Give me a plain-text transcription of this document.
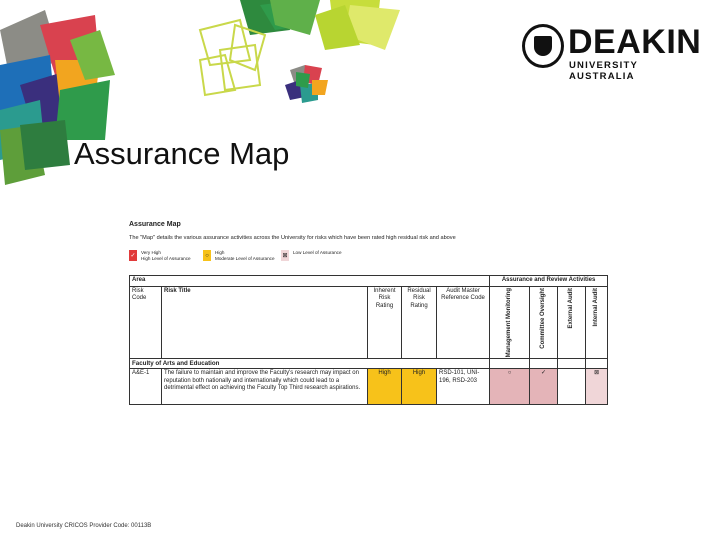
DEAKIN
UNIVERSITY AUSTRALIA
Assurance Map
Assurance Map
The "Map" details the various assurance activities across the University for risks which have been rated high residual risk and above
✓	Very High
High Level of Assurance	○	High
Moderate Level of Assurance ⊠	Low Level of Assurance
Area					Assurance and Review Activities			
Risk Code	Risk Title	Inherent Risk Rating	Residual Risk Rating	Audit Master Reference Code	Management Monitoring	Committee Oversight	External Audit	Internal Audit

Faculty of Arts and Education								
A&E-1	The failure to maintain and improve the Faculty's research may impact on reputation both nationally and internationally which could lead to a detrimental effect on achieving the Faculty Top Third research aspirations.	High	High	RSD-101, UNI-196, RSD-203	○	✓		⊠
Deakin University CRICOS Provider Code: 00113B
